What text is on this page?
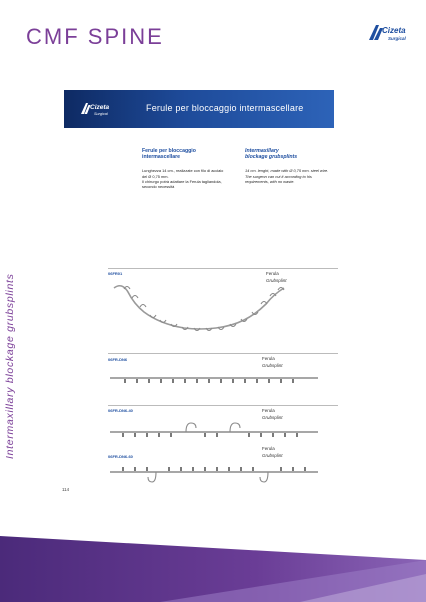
CMF SPINE	Cizeta
Surgical
Intermaxillary blockage grubsplints
Cizeta
Surgical
Ferule per bloccaggio intermascellare
Ferule per bloccaggio
intermascellare
Lunghezza 14 cm., realizzate con filo di acciaio
del Ø 0,75 mm.
Il chirurgo potrà adattare la Ferula tagliandola,
secondo necessità
Intermaxillary
blockage grubsplints
14 cm. lenght, made with Ø 0,75 mm. steel wire.
The surgeon can cut it according to his
requirements, with no waste.
06FR01	Ferula
Grubsplint
06FR-DN6	Ferula
Grubsplint
06FR-DN6-40	Ferula
Grubsplint
06FR-DN6-60
Ferula
Grubsplint
114
